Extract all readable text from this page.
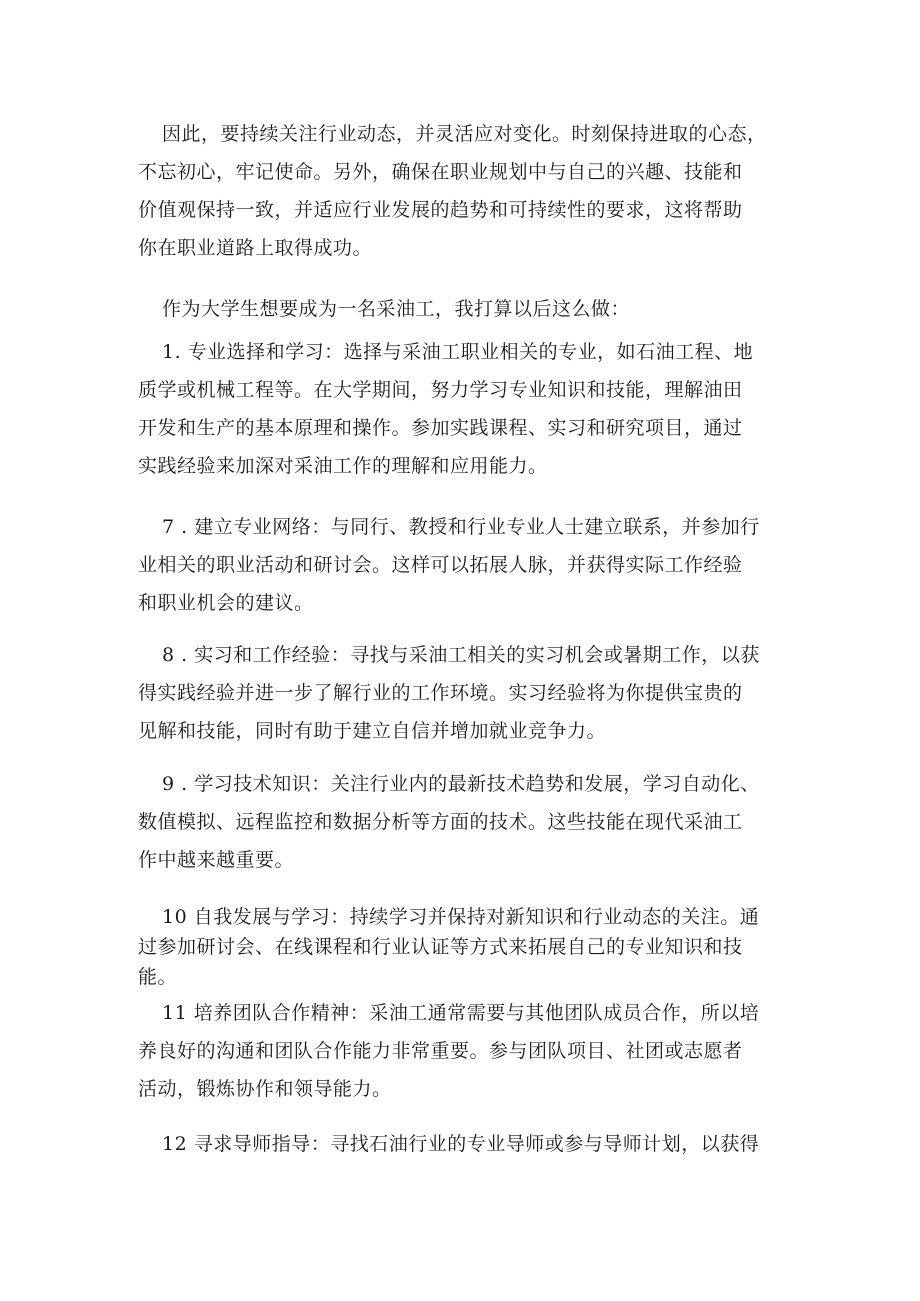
因此，要持续关注行业动态，并灵活应对变化。时刻保持进取的心态，
不忘初心，牢记使命。另外，确保在职业规划中与自己的兴趣、技能和
价值观保持一致，并适应行业发展的趋势和可持续性的要求，这将帮助
你在职业道路上取得成功。
作为大学生想要成为一名采油工，我打算以后这么做：
1. 专业选择和学习：选择与采油工职业相关的专业，如石油工程、地
质学或机械工程等。在大学期间，努力学习专业知识和技能，理解油田
开发和生产的基本原理和操作。参加实践课程、实习和研究项目，通过
实践经验来加深对采油工作的理解和应用能力。
7 . 建立专业网络：与同行、教授和行业专业人士建立联系，并参加行
业相关的职业活动和研讨会。这样可以拓展人脉，并获得实际工作经验
和职业机会的建议。
8 . 实习和工作经验：寻找与采油工相关的实习机会或暑期工作，以获
得实践经验并进一步了解行业的工作环境。实习经验将为你提供宝贵的
见解和技能，同时有助于建立自信并增加就业竞争力。
9 . 学习技术知识：关注行业内的最新技术趋势和发展，学习自动化、
数值模拟、远程监控和数据分析等方面的技术。这些技能在现代采油工
作中越来越重要。
10 自我发展与学习：持续学习并保持对新知识和行业动态的关注。通
过参加研讨会、在线课程和行业认证等方式来拓展自己的专业知识和技
能。
11 培养团队合作精神：采油工通常需要与其他团队成员合作，所以培
养良好的沟通和团队合作能力非常重要。参与团队项目、社团或志愿者
活动，锻炼协作和领导能力。
12 寻求导师指导：寻找石油行业的专业导师或参与导师计划，以获得
